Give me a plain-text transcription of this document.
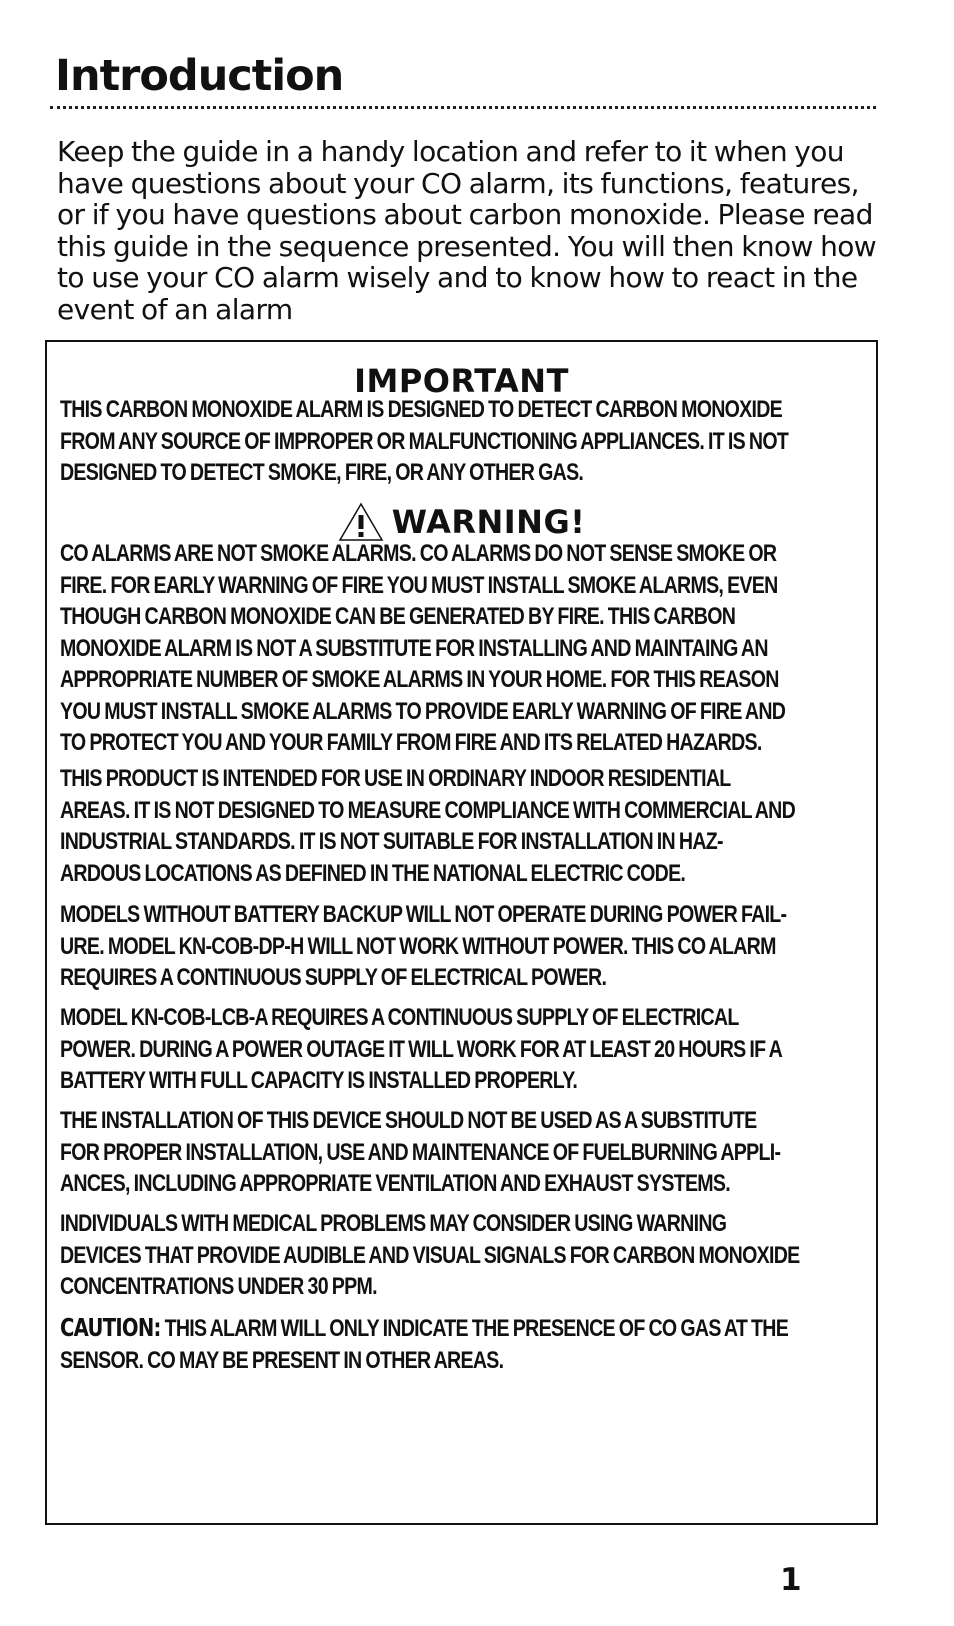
Introduction

Keep the guide in a handy location and refer to it when you have questions about your CO alarm, its functions, features, or if you have questions about carbon monoxide. Please read this guide in the sequence presented. You will then know how to use your CO alarm wisely and to know how to react in the event of an alarm

IMPORTANT

THIS CARBON MONOXIDE ALARM IS DESIGNED TO DETECT CARBON MONOXIDE
FROM ANY SOURCE OF IMPROPER OR MALFUNCTIONING APPLIANCES. IT IS NOT
DESIGNED TO DETECT SMOKE, FIRE, OR ANY OTHER GAS.

WARNING!

CO ALARMS ARE NOT SMOKE ALARMS. CO ALARMS DO NOT SENSE SMOKE OR
FIRE. FOR EARLY WARNING OF FIRE YOU MUST INSTALL SMOKE ALARMS, EVEN
THOUGH CARBON MONOXIDE CAN BE GENERATED BY FIRE. THIS CARBON
MONOXIDE ALARM IS NOT A SUBSTITUTE FOR INSTALLING AND MAINTAING AN
APPROPRIATE NUMBER OF SMOKE ALARMS IN YOUR HOME. FOR THIS REASON
YOU MUST INSTALL SMOKE ALARMS TO PROVIDE EARLY WARNING OF FIRE AND
TO PROTECT YOU AND YOUR FAMILY FROM FIRE AND ITS RELATED HAZARDS.

THIS PRODUCT IS INTENDED FOR USE IN ORDINARY INDOOR RESIDENTIAL
AREAS. IT IS NOT DESIGNED TO MEASURE COMPLIANCE WITH COMMERCIAL AND
INDUSTRIAL STANDARDS. IT IS NOT SUITABLE FOR INSTALLATION IN HAZ-
ARDOUS LOCATIONS AS DEFINED IN THE NATIONAL ELECTRIC CODE.

MODELS WITHOUT BATTERY BACKUP WILL NOT OPERATE DURING POWER FAIL-
URE. MODEL KN-COB-DP-H WILL NOT WORK WITHOUT POWER. THIS CO ALARM
REQUIRES A CONTINUOUS SUPPLY OF ELECTRICAL POWER.

MODEL KN-COB-LCB-A REQUIRES A CONTINUOUS SUPPLY OF ELECTRICAL
POWER. DURING A POWER OUTAGE IT WILL WORK FOR AT LEAST 20 HOURS IF A
BATTERY WITH FULL CAPACITY IS INSTALLED PROPERLY.

THE INSTALLATION OF THIS DEVICE SHOULD NOT BE USED AS A SUBSTITUTE
FOR PROPER INSTALLATION, USE AND MAINTENANCE OF FUELBURNING APPLI-
ANCES, INCLUDING APPROPRIATE VENTILATION AND EXHAUST SYSTEMS.

INDIVIDUALS WITH MEDICAL PROBLEMS MAY CONSIDER USING WARNING
DEVICES THAT PROVIDE AUDIBLE AND VISUAL SIGNALS FOR CARBON MONOXIDE
CONCENTRATIONS UNDER 30 PPM.

CAUTION: THIS ALARM WILL ONLY INDICATE THE PRESENCE OF CO GAS AT THE
SENSOR. CO MAY BE PRESENT IN OTHER AREAS.

1
